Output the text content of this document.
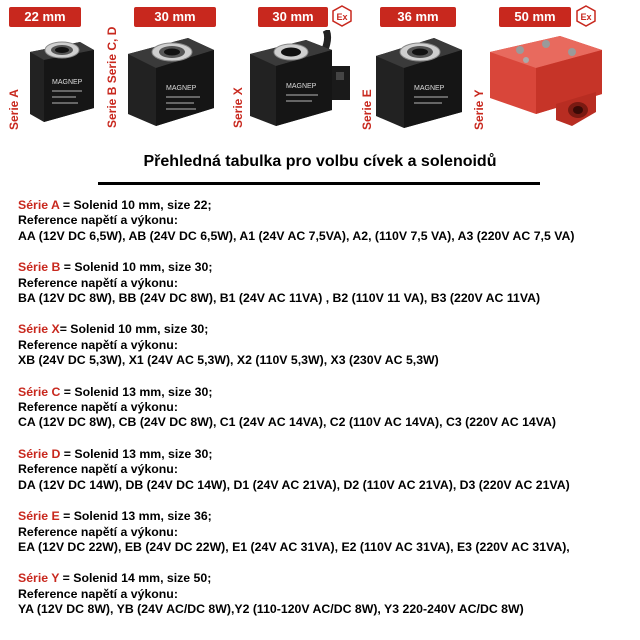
22 mm
Serie A
MAGNEP
30 mm
Serie B Serie C, D	MAGNEP
30 mm	Ex
Serie X
MAGNEP
36 mm
Serie E
MAGNEP
50 mm	Ex
Serie Y
Přehledná tabulka pro volbu cívek a solenoidů

Série A = Solenid 10 mm, size 22;

Reference napětí a výkonu:

AA (12V DC 6,5W), AB (24V DC 6,5W), A1 (24V AC 7,5VA), A2, (110V 7,5 VA), A3 (220V AC 7,5 VA)

Série B = Solenid 10 mm, size 30;

Reference napětí a výkonu:

BA (12V DC 8W), BB (24V DC 8W), B1 (24V AC 11VA) , B2 (110V 11 VA), B3 (220V AC 11VA)

Série X= Solenid 10 mm, size 30;

Reference napětí a výkonu:

XB (24V DC 5,3W), X1 (24V AC 5,3W), X2 (110V 5,3W), X3 (230V AC 5,3W)

Série C = Solenid 13 mm, size 30;

Reference napětí a výkonu:

CA (12V DC 8W), CB (24V DC 8W), C1 (24V AC 14VA), C2 (110V AC 14VA), C3 (220V AC 14VA)

Série D = Solenid 13 mm, size 30;

Reference napětí a výkonu:

DA (12V DC 14W), DB (24V DC 14W), D1 (24V AC 21VA), D2 (110V AC 21VA), D3 (220V AC 21VA)

Série E = Solenid 13 mm, size 36;

Reference napětí a výkonu:

EA (12V DC 22W), EB (24V DC 22W), E1 (24V AC 31VA), E2 (110V AC 31VA), E3 (220V AC 31VA),

Série Y = Solenid 14 mm, size 50;

Reference napětí a výkonu:

YA (12V DC 8W), YB (24V AC/DC 8W),Y2 (110-120V AC/DC 8W), Y3 220-240V AC/DC 8W)
